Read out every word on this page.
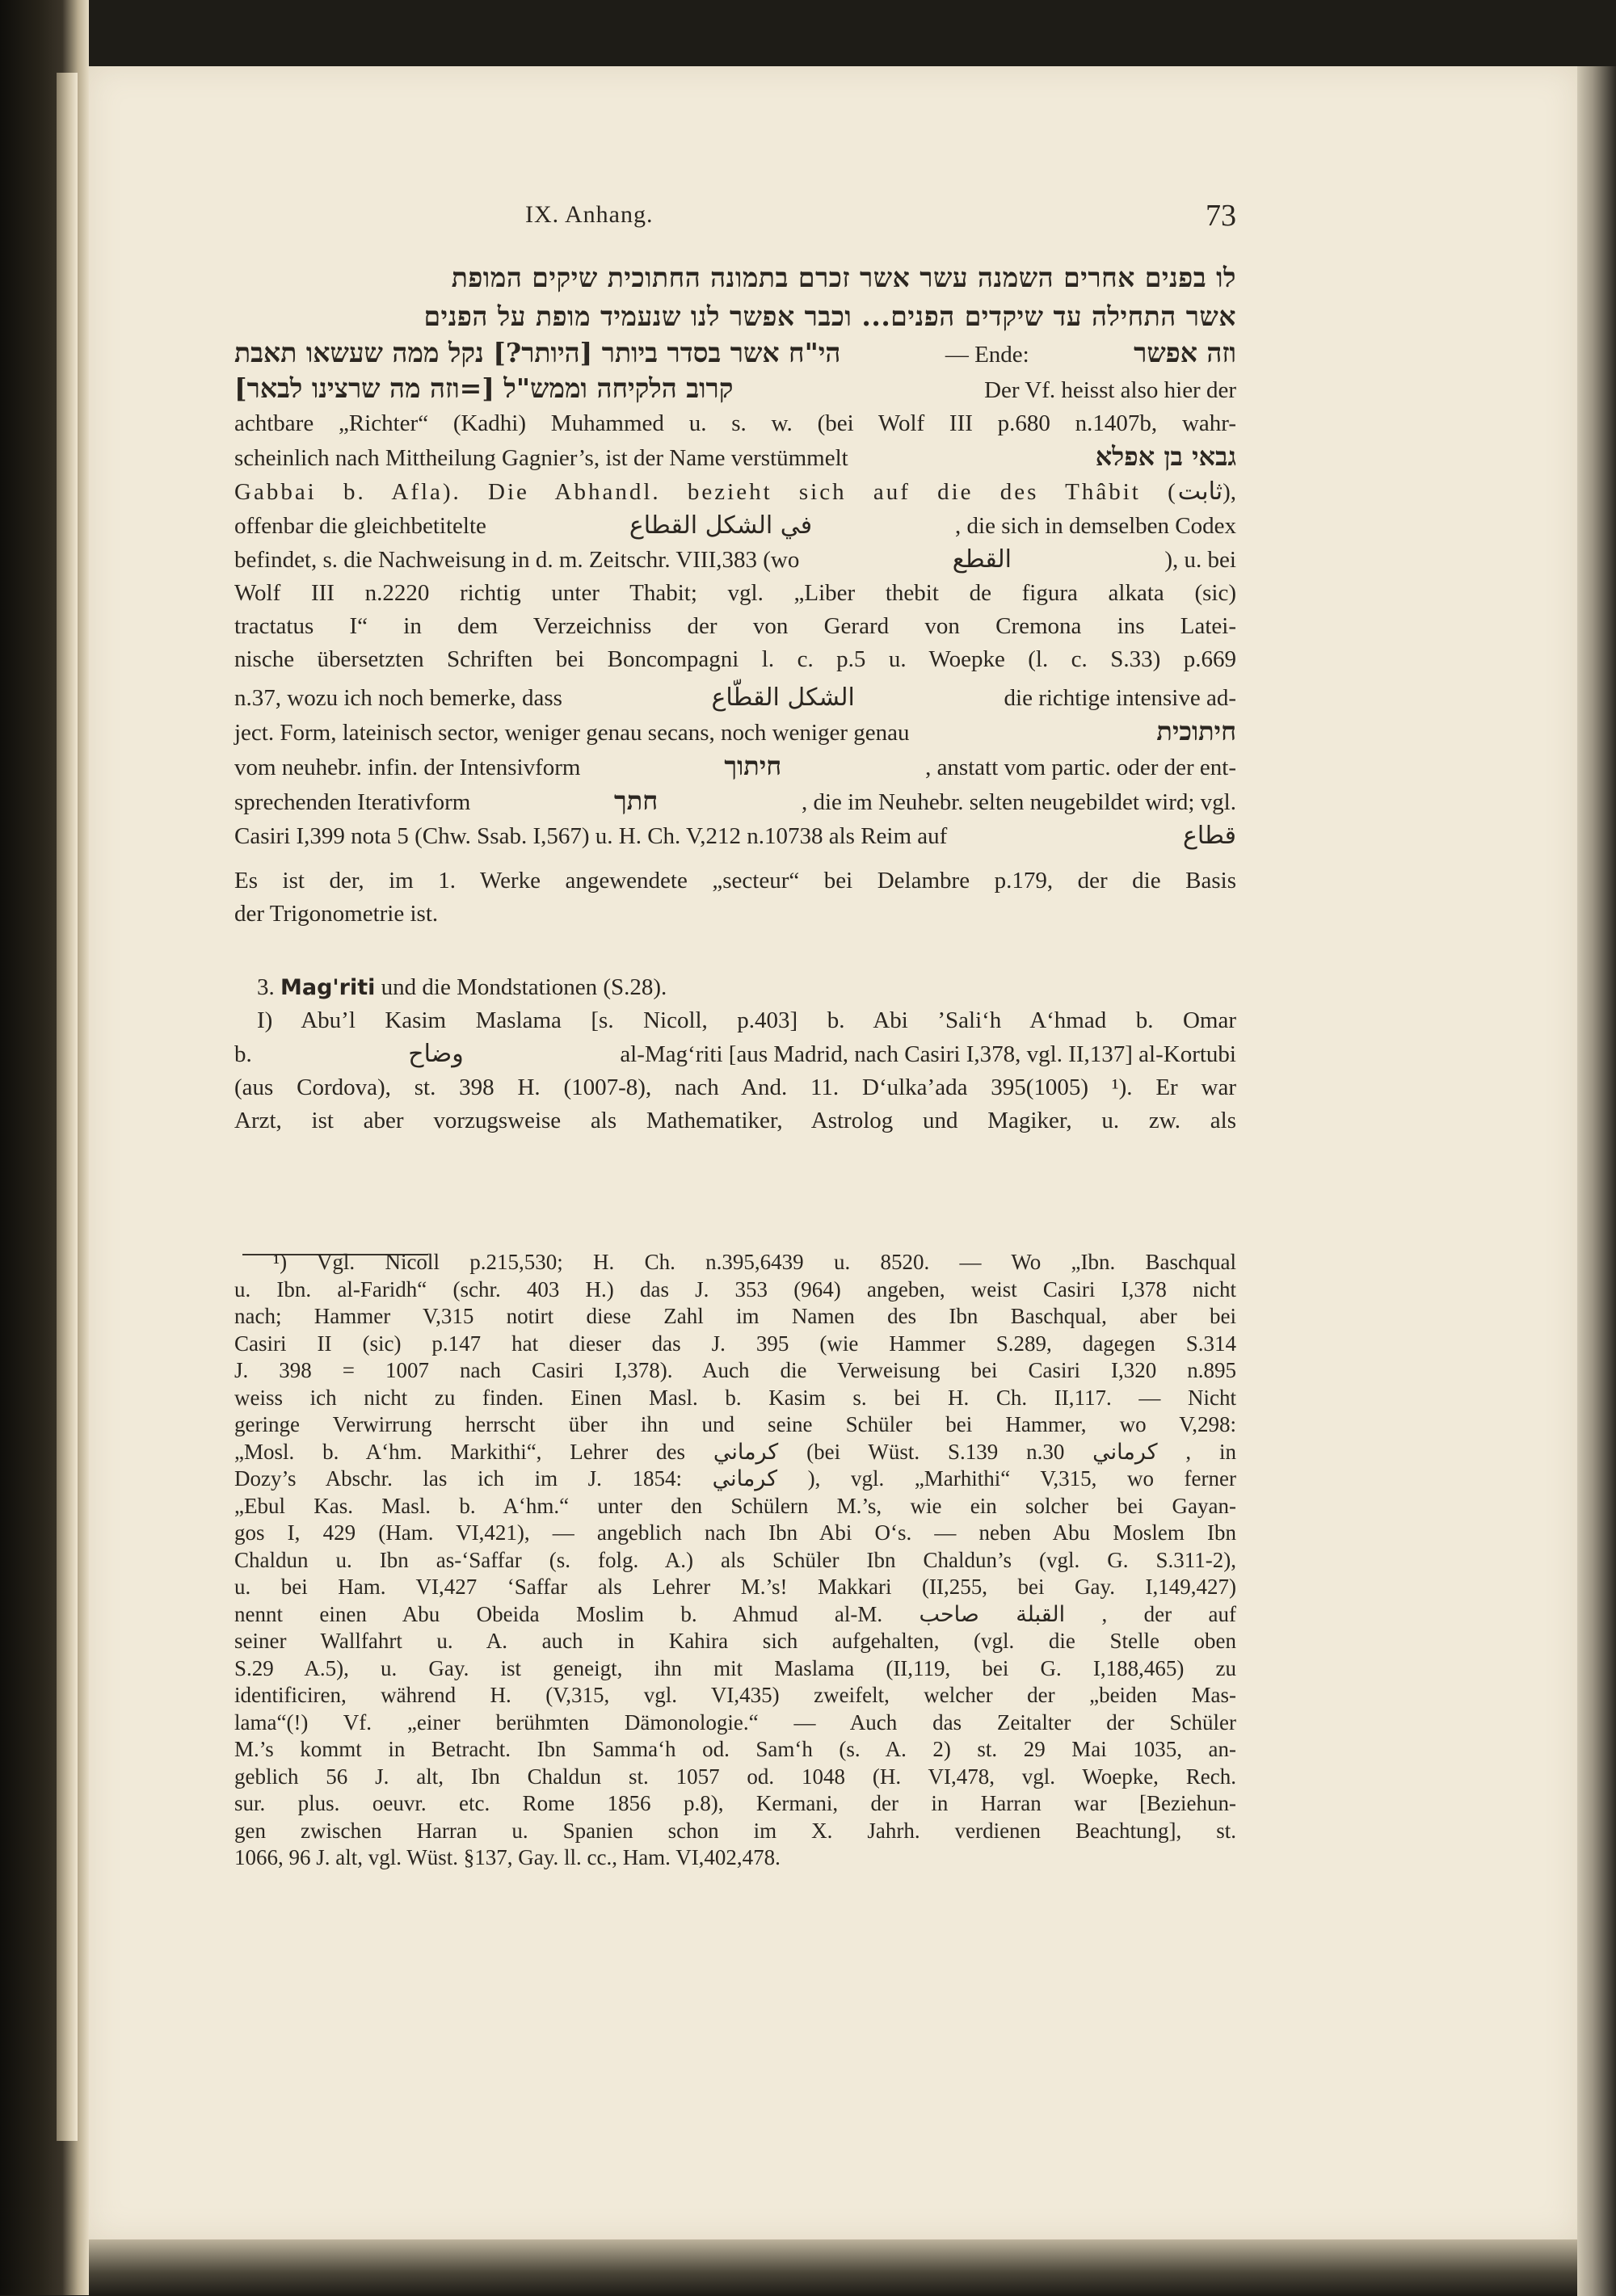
IX. Anhang.	73
לו בפנים אחרים השמנה עשר אשר זכרם בתמונה החתוכית שיקים המופת
אשר התחילה עד שיקדים הפנים... וכבר אפשר לנו שנעמיד מופת על הפנים
הי"ח אשר בסדר ביותר [היותר?] נקל ממה שעשאו תאבת	— Ende:	וזה אפשר
קרוב הלקיחה וממש"ל [=וזה מה שרצינו לבאר]	Der Vf. heisst also hier der
achtbare „Richter“ (Kadhi) Muhammed u. s. w. (bei Wolf III p.680 n.1407b, wahr-
scheinlich nach Mittheilung Gagnier’s, ist der Name verstümmelt	גבאי בן אפלא
Gabbai b. Afla). Die Abhandl. bezieht sich auf die des Thâbit (ثابت),
offenbar die gleichbetitelte	في الشكل القطاع	, die sich in demselben Codex
befindet, s. die Nachweisung in d. m. Zeitschr. VIII,383 (wo	القطع	), u. bei
Wolf III n.2220 richtig unter Thabit; vgl. „Liber thebit de figura alkata (sic)
tractatus I“ in dem Verzeichniss der von Gerard von Cremona ins Latei-
nische übersetzten Schriften bei Boncompagni l. c. p.5 u. Woepke (l. c. S.33) p.669
n.37, wozu ich noch bemerke, dass	الشكل القطّاع	die richtige intensive ad-
ject. Form, lateinisch sector, weniger genau secans, noch weniger genau	חיתוכית
vom neuhebr. infin. der Intensivform	חיתוך	, anstatt vom partic. oder der ent-
sprechenden Iterativform	חתך	, die im Neuhebr. selten neugebildet wird; vgl.
Casiri I,399 nota 5 (Chw. Ssab. I,567) u. H. Ch. V,212 n.10738 als Reim auf	قطاع
Es ist der, im 1. Werke angewendete „secteur“ bei Delambre p.179, der die Basis
der Trigonometrie ist.
3. Mag'riti und die Mondstationen (S.28).
I) Abu’l Kasim Maslama [s. Nicoll, p.403] b. Abi ’Sali‘h A‘hmad b. Omar
b.	وضاح	al-Mag‘riti [aus Madrid, nach Casiri I,378, vgl. II,137] al-Kortubi
(aus Cordova), st. 398 H. (1007-8), nach And. 11. D‘ulka’ada 395(1005) ¹). Er war
Arzt, ist aber vorzugsweise als Mathematiker, Astrolog und Magiker, u. zw. als
¹) Vgl. Nicoll p.215,530; H. Ch. n.395,6439 u. 8520. — Wo „Ibn. Baschqual
u. Ibn. al-Faridh“ (schr. 403 H.) das J. 353 (964) angeben, weist Casiri I,378 nicht
nach; Hammer V,315 notirt diese Zahl im Namen des Ibn Baschqual, aber bei
Casiri II (sic) p.147 hat dieser das J. 395 (wie Hammer S.289, dagegen S.314
J. 398 = 1007 nach Casiri I,378). Auch die Verweisung bei Casiri I,320 n.895
weiss ich nicht zu finden. Einen Masl. b. Kasim s. bei H. Ch. II,117. — Nicht
geringe Verwirrung herrscht über ihn und seine Schüler bei Hammer, wo V,298:
„Mosl. b. A‘hm. Markithi“, Lehrer des كرماني (bei Wüst. S.139 n.30 كرماني , in
Dozy’s Abschr. las ich im J. 1854: كرماني ), vgl. „Marhithi“ V,315, wo ferner
„Ebul Kas. Masl. b. A‘hm.“ unter den Schülern M.’s, wie ein solcher bei Gayan-
gos I, 429 (Ham. VI,421), — angeblich nach Ibn Abi O‘s. — neben Abu Moslem Ibn
Chaldun u. Ibn as-‘Saffar (s. folg. A.) als Schüler Ibn Chaldun’s (vgl. G. S.311-2),
u. bei Ham. VI,427 ‘Saffar als Lehrer M.’s! Makkari (II,255, bei Gay. I,149,427)
nennt einen Abu Obeida Moslim b. Ahmud al-M. القبلة صاحب , der auf
seiner Wallfahrt u. A. auch in Kahira sich aufgehalten, (vgl. die Stelle oben
S.29 A.5), u. Gay. ist geneigt, ihn mit Maslama (II,119, bei G. I,188,465) zu
identificiren, während H. (V,315, vgl. VI,435) zweifelt, welcher der „beiden Mas-
lama“(!) Vf. „einer berühmten Dämonologie.“ — Auch das Zeitalter der Schüler
M.’s kommt in Betracht. Ibn Samma‘h od. Sam‘h (s. A. 2) st. 29 Mai 1035, an-
geblich 56 J. alt, Ibn Chaldun st. 1057 od. 1048 (H. VI,478, vgl. Woepke, Rech.
sur. plus. oeuvr. etc. Rome 1856 p.8), Kermani, der in Harran war [Beziehun-
gen zwischen Harran u. Spanien schon im X. Jahrh. verdienen Beachtung], st.
1066, 96 J. alt, vgl. Wüst. §137, Gay. ll. cc., Ham. VI,402,478.
